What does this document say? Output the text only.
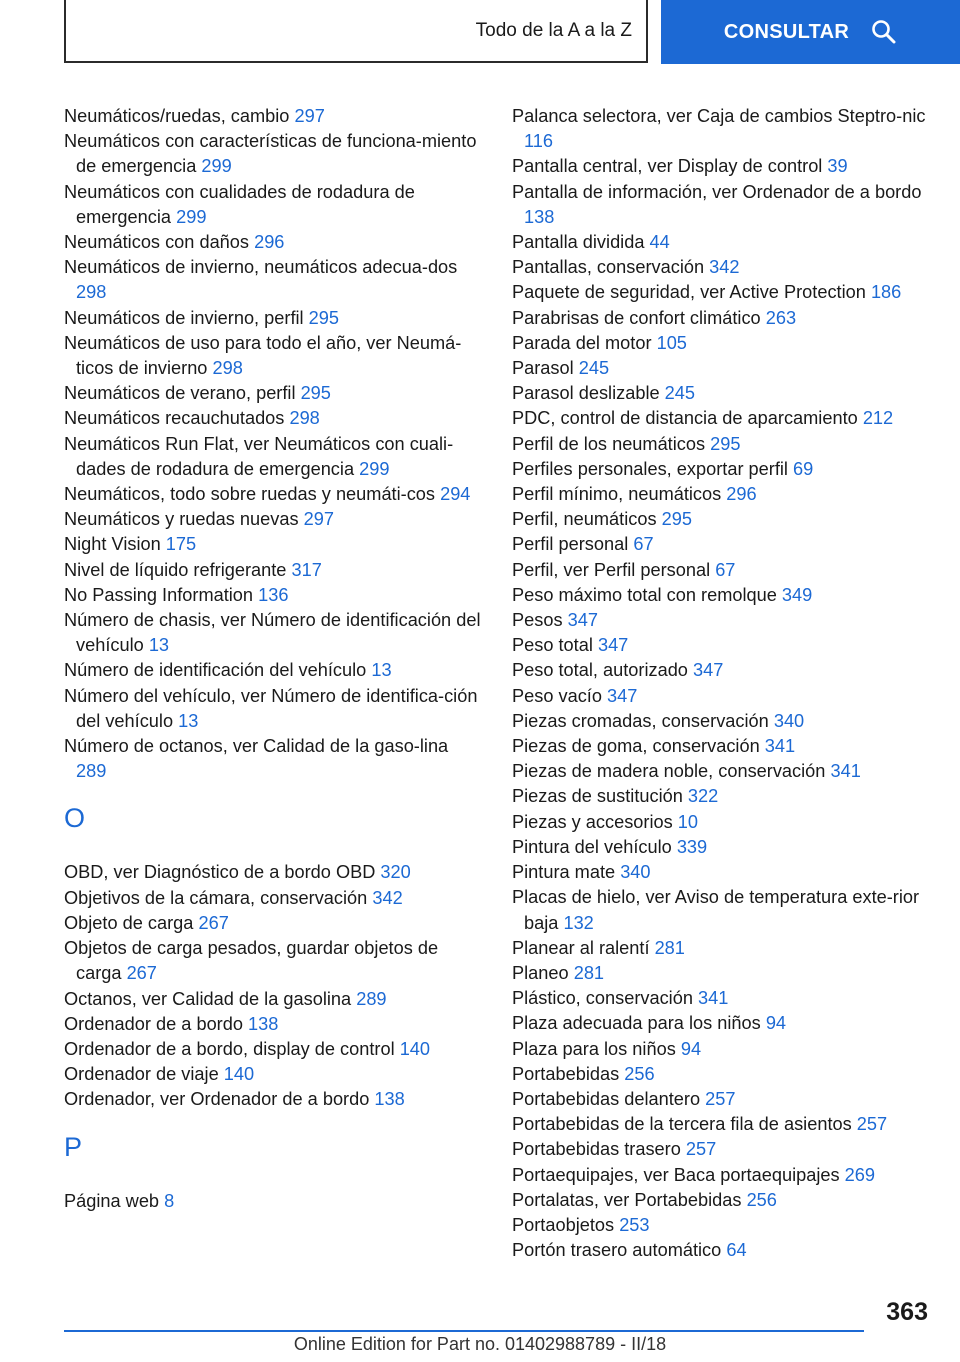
Todo de la A a la Z	CONSULTAR
Neumáticos/ruedas, cambio 297
Neumáticos con características de funciona-miento de emergencia 299
Neumáticos con cualidades de rodadura de emergencia 299
Neumáticos con daños 296
Neumáticos de invierno, neumáticos adecua-dos 298
Neumáticos de invierno, perfil 295
Neumáticos de uso para todo el año, ver Neumá-ticos de invierno 298
Neumáticos de verano, perfil 295
Neumáticos recauchutados 298
Neumáticos Run Flat, ver Neumáticos con cuali-dades de rodadura de emergencia 299
Neumáticos, todo sobre ruedas y neumáti-cos 294
Neumáticos y ruedas nuevas 297
Night Vision 175
Nivel de líquido refrigerante 317
No Passing Information 136
Número de chasis, ver Número de identificación del vehículo 13
Número de identificación del vehículo 13
Número del vehículo, ver Número de identifica-ción del vehículo 13
Número de octanos, ver Calidad de la gaso-lina 289
O
OBD, ver Diagnóstico de a bordo OBD 320
Objetivos de la cámara, conservación 342
Objeto de carga 267
Objetos de carga pesados, guardar objetos de carga 267
Octanos, ver Calidad de la gasolina 289
Ordenador de a bordo 138
Ordenador de a bordo, display de control 140
Ordenador de viaje 140
Ordenador, ver Ordenador de a bordo 138
P
Página web 8
Palanca selectora, ver Caja de cambios Steptro-nic 116
Pantalla central, ver Display de control 39
Pantalla de información, ver Ordenador de a bordo 138
Pantalla dividida 44
Pantallas, conservación 342
Paquete de seguridad, ver Active Protection 186
Parabrisas de confort climático 263
Parada del motor 105
Parasol 245
Parasol deslizable 245
PDC, control de distancia de aparcamiento 212
Perfil de los neumáticos 295
Perfiles personales, exportar perfil 69
Perfil mínimo, neumáticos 296
Perfil, neumáticos 295
Perfil personal 67
Perfil, ver Perfil personal 67
Peso máximo total con remolque 349
Pesos 347
Peso total 347
Peso total, autorizado 347
Peso vacío 347
Piezas cromadas, conservación 340
Piezas de goma, conservación 341
Piezas de madera noble, conservación 341
Piezas de sustitución 322
Piezas y accesorios 10
Pintura del vehículo 339
Pintura mate 340
Placas de hielo, ver Aviso de temperatura exte-rior baja 132
Planear al ralentí 281
Planeo 281
Plástico, conservación 341
Plaza adecuada para los niños 94
Plaza para los niños 94
Portabebidas 256
Portabebidas delantero 257
Portabebidas de la tercera fila de asientos 257
Portabebidas trasero 257
Portaequipajes, ver Baca portaequipajes 269
Portalatas, ver Portabebidas 256
Portaobjetos 253
Portón trasero automático 64
363
Online Edition for Part no. 01402988789 - II/18
